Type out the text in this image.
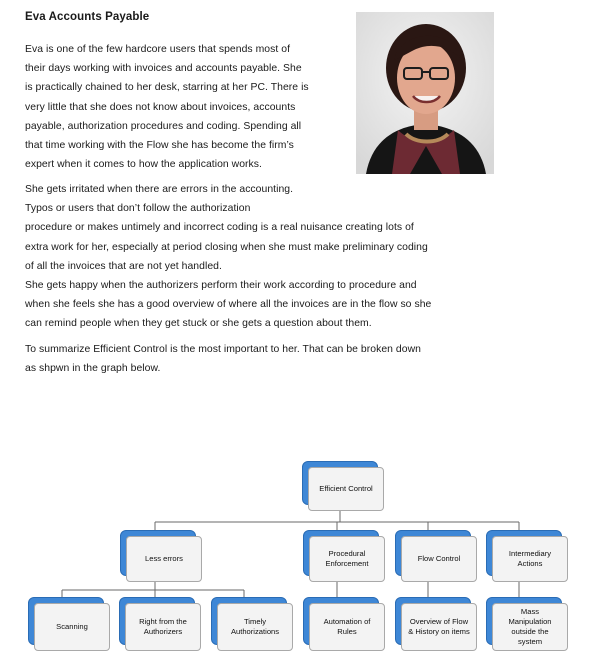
Eva Accounts Payable

Eva is one of the few hardcore users that spends most of
their days working with invoices and accounts payable. She
is practically chained to her desk, starring at her PC. There is
very little that she does not know about invoices, accounts
payable, authorization procedures and coding. Spending all
that time working with the Flow she has become the firm’s
expert when it comes to how the application works.

She gets irritated when there are errors in the accounting.
Typos or users that don’t follow the authorization
procedure or makes untimely and incorrect coding is a real nuisance creating lots of
extra work for her, especially at period closing when she must make preliminary coding
of all the invoices that are not yet handled.
She gets happy when the authorizers perform their work according to procedure and
when she feels she has a good overview of where all the invoices are in the flow so she
can remind people when they get stuck or she gets a question about them.

To summarize Efficient Control is the most important to her. That can be broken down
as shpwn in the graph below.

Efficient Control
Less errors
Procedural
Enforcement
Flow Control
Intermediary
Actions
Scanning
Right from the
Authorizers
Timely
Authorizations
Automation of
Rules
Overview of Flow
& History on items
Mass
Manipulation
outside the
system
